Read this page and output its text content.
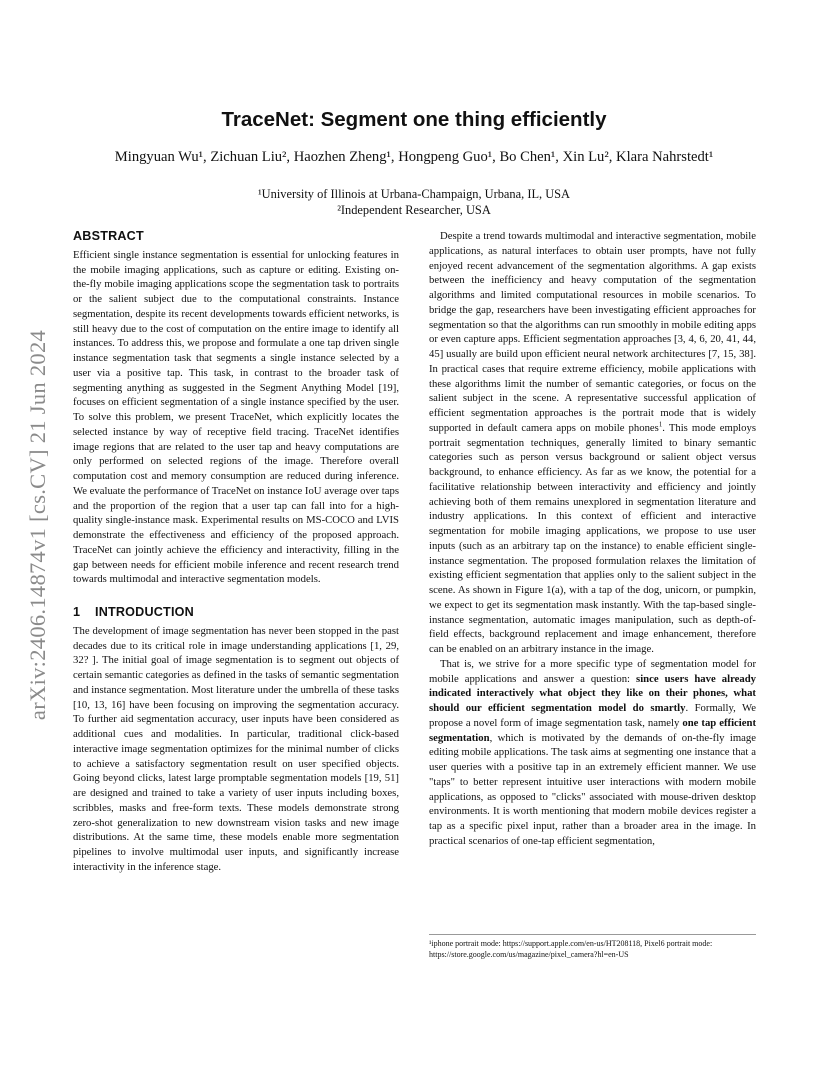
arXiv:2406.14874v1 [cs.CV] 21 Jun 2024
TraceNet: Segment one thing efficiently
Mingyuan Wu¹, Zichuan Liu², Haozhen Zheng¹, Hongpeng Guo¹, Bo Chen¹, Xin Lu², Klara Nahrstedt¹
¹University of Illinois at Urbana-Champaign, Urbana, IL, USA
²Independent Researcher, USA
ABSTRACT

Efficient single instance segmentation is essential for unlocking features in the mobile imaging applications, such as capture or editing. Existing on-the-fly mobile imaging applications scope the segmentation task to portraits or the salient subject due to the computational constraints. Instance segmentation, despite its recent developments towards efficient networks, is still heavy due to the cost of computation on the entire image to identify all instances. To address this, we propose and formulate a one tap driven single instance segmentation task that segments a single instance selected by a user via a positive tap. This task, in contrast to the broader task of segmenting anything as suggested in the Segment Anything Model [19], focuses on efficient segmentation of a single instance specified by the user. To solve this problem, we present TraceNet, which explicitly locates the selected instance by way of receptive field tracing. TraceNet identifies image regions that are related to the user tap and heavy computations are only performed on selected regions of the image. Therefore overall computation cost and memory consumption are reduced during inference. We evaluate the performance of TraceNet on instance IoU average over taps and the proportion of the region that a user tap can fall into for a high-quality single-instance mask. Experimental results on MS-COCO and LVIS demonstrate the effectiveness and efficiency of the proposed approach. TraceNet can jointly achieve the efficiency and interactivity, filling in the gap between needs for efficient mobile inference and recent research trend towards multimodal and interactive segmentation models.

1 INTRODUCTION

The development of image segmentation has never been stopped in the past decades due to its critical role in image understanding applications [1, 29, 32? ]. The initial goal of image segmentation is to segment out objects of certain semantic categories as defined in the tasks of semantic segmentation and instance segmentation. Most literature under the umbrella of these tasks [10, 13, 16] have been focusing on improving the segmentation accuracy. To further aid segmentation accuracy, user inputs have been considered as additional cues and modalities. In particular, traditional click-based interactive image segmentation optimizes for the minimal number of clicks to achieve a satisfactory segmentation result on user specified objects. Going beyond clicks, latest large promptable segmentation models [19, 51] are designed and trained to take a variety of user inputs including boxes, scribbles, masks and free-form texts. These models demonstrate strong zero-shot generalization to new downstream vision tasks and new image distributions. At the same time, these models enable more segmentation pipelines to involve multimodal user inputs, and significantly increase interactivity in the inference stage.

Despite a trend towards multimodal and interactive segmentation, mobile applications, as natural interfaces to obtain user prompts, have not fully enjoyed recent advancement of the segmentation algorithms. A gap exists between the inefficiency and heavy computation of the segmentation algorithms and limited computational resources in mobile scenarios. To bridge the gap, researchers have been investigating efficient approaches for segmentation so that the algorithms can run smoothly in mobile editing apps or even capture apps. Efficient segmentation approaches [3, 4, 6, 20, 41, 44, 45] usually are build upon efficient neural network architectures [7, 15, 38]. In practical cases that require extreme efficiency, mobile applications with these algorithms limit the number of semantic categories, or focus on the salient subject in the scene. A representative successful application of efficient segmentation approaches is the portrait mode that is widely supported in default camera apps on mobile phones$^1$. This mode employs portrait segmentation techniques, generally limited to binary semantic categories such as person versus background or salient object versus background, to enhance efficiency. As far as we know, the potential for a facilitative relationship between interactivity and efficiency and jointly achieving both of them remains unexplored in segmentation literature and industry applications. In this context of efficient and interactive segmentation for mobile imaging applications, we propose to use user inputs (such as an arbitrary tap on the instance) to enable efficient single-instance segmentation. The proposed formulation relaxes the limitation of existing efficient segmentation that applies only to the salient subject in the scene. As shown in Figure 1(a), with a tap of the dog, unicorn, or pumpkin, we expect to get its segmentation mask instantly. With the tap-based single-instance segmentation, automatic images manipulation, such as depth-of-field effects, background replacement and image enhancement, therefore can be enabled on an arbitrary instance in the image.

That is, we strive for a more specific type of segmentation model for mobile applications and answer a question: since users have already indicated interactively what object they like on their phones, what should our efficient segmentation model do smartly. Formally, We propose a novel form of image segmentation task, namely one tap efficient segmentation, which is motivated by the demands of on-the-fly image editing mobile applications. The task aims at segmenting one instance that a user queries with a positive tap in an extremely efficient manner. We use "taps" to better represent intuitive user interactions with modern mobile applications, as opposed to "clicks" associated with mouse-driven desktop environments. It is worth mentioning that modern mobile devices register a tap as a specific pixel input, rather than a broader area in the image. In practical scenarios of one-tap efficient segmentation,

¹iphone portrait mode: https://support.apple.com/en-us/HT208118, Pixel6 portrait mode: https://store.google.com/us/magazine/pixel_camera?hl=en-US
